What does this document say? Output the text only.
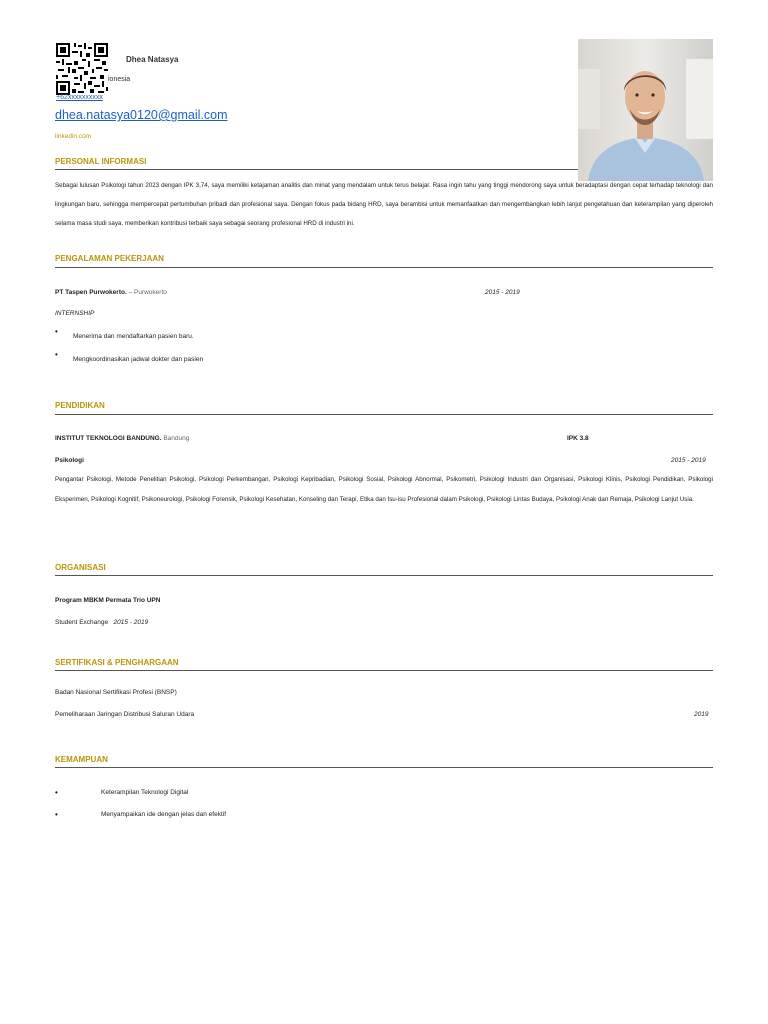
Dhea Natasya
ionesia
+62xxxxxxxxxx
dhea.natasya0120@gmail.com
linkedin.com
PERSONAL INFORMASI
Sebagai lulusan Psikologi tahun 2023 dengan IPK 3,74, saya memiliki ketajaman analitis dan minat yang mendalam untuk terus belajar. Rasa ingin tahu yang tinggi mendorong saya untuk beradaptasi dengan cepat terhadap teknologi dan lingkungan baru, sehingga mempercepat pertumbuhan pribadi dan profesional saya. Dengan fokus pada bidang HRD, saya berambisi untuk memanfaatkan dan mengembangkan lebih lanjut pengetahuan dan keterampilan yang diperoleh selama masa studi saya, memberikan kontribusi terbaik saya sebagai seorang profesional HRD di industri ini.
PENGALAMAN PEKERJAAN
PT Taspen Purwokerto. – Purwokerto	2015 - 2019
INTERNSHIP
•
Menerima dan mendaftarkan pasien baru.
•
Mengkoordinasikan jadwal dokter dan pasien
PENDIDIKAN
INSTITUT TEKNOLOGI BANDUNG. Bandung	IPK 3.8
Psikologi	2015 - 2019
Pengantar Psikologi, Metode Penelitian Psikologi, Psikologi Perkembangan, Psikologi Kepribadian, Psikologi Sosial, Psikologi Abnormal, Psikometri, Psikologi Industri dan Organisasi, Psikologi Klinis, Psikologi Pendidikan, Psikologi Eksperimen, Psikologi Kognitif, Psikoneurologi, Psikologi Forensik, Psikologi Kesehatan, Konseling dan Terapi, Etika dan Isu-isu Profesional dalam Psikologi, Psikologi Lintas Budaya, Psikologi Anak dan Remaja, Psikologi Lanjut Usia.
ORGANISASI
Program MBKM Permata Trio UPN
Student Exchange 2015 - 2019
SERTIFIKASI & PENGHARGAAN
Badan Nasional Sertifikasi Profesi (BNSP)
Pemeliharaan Jaringan Distribusi Saluran Udara	2019
KEMAMPUAN
•	Keterampilan Teknologi Digital
•	Menyampaikan ide dengan jelas dan efektif
